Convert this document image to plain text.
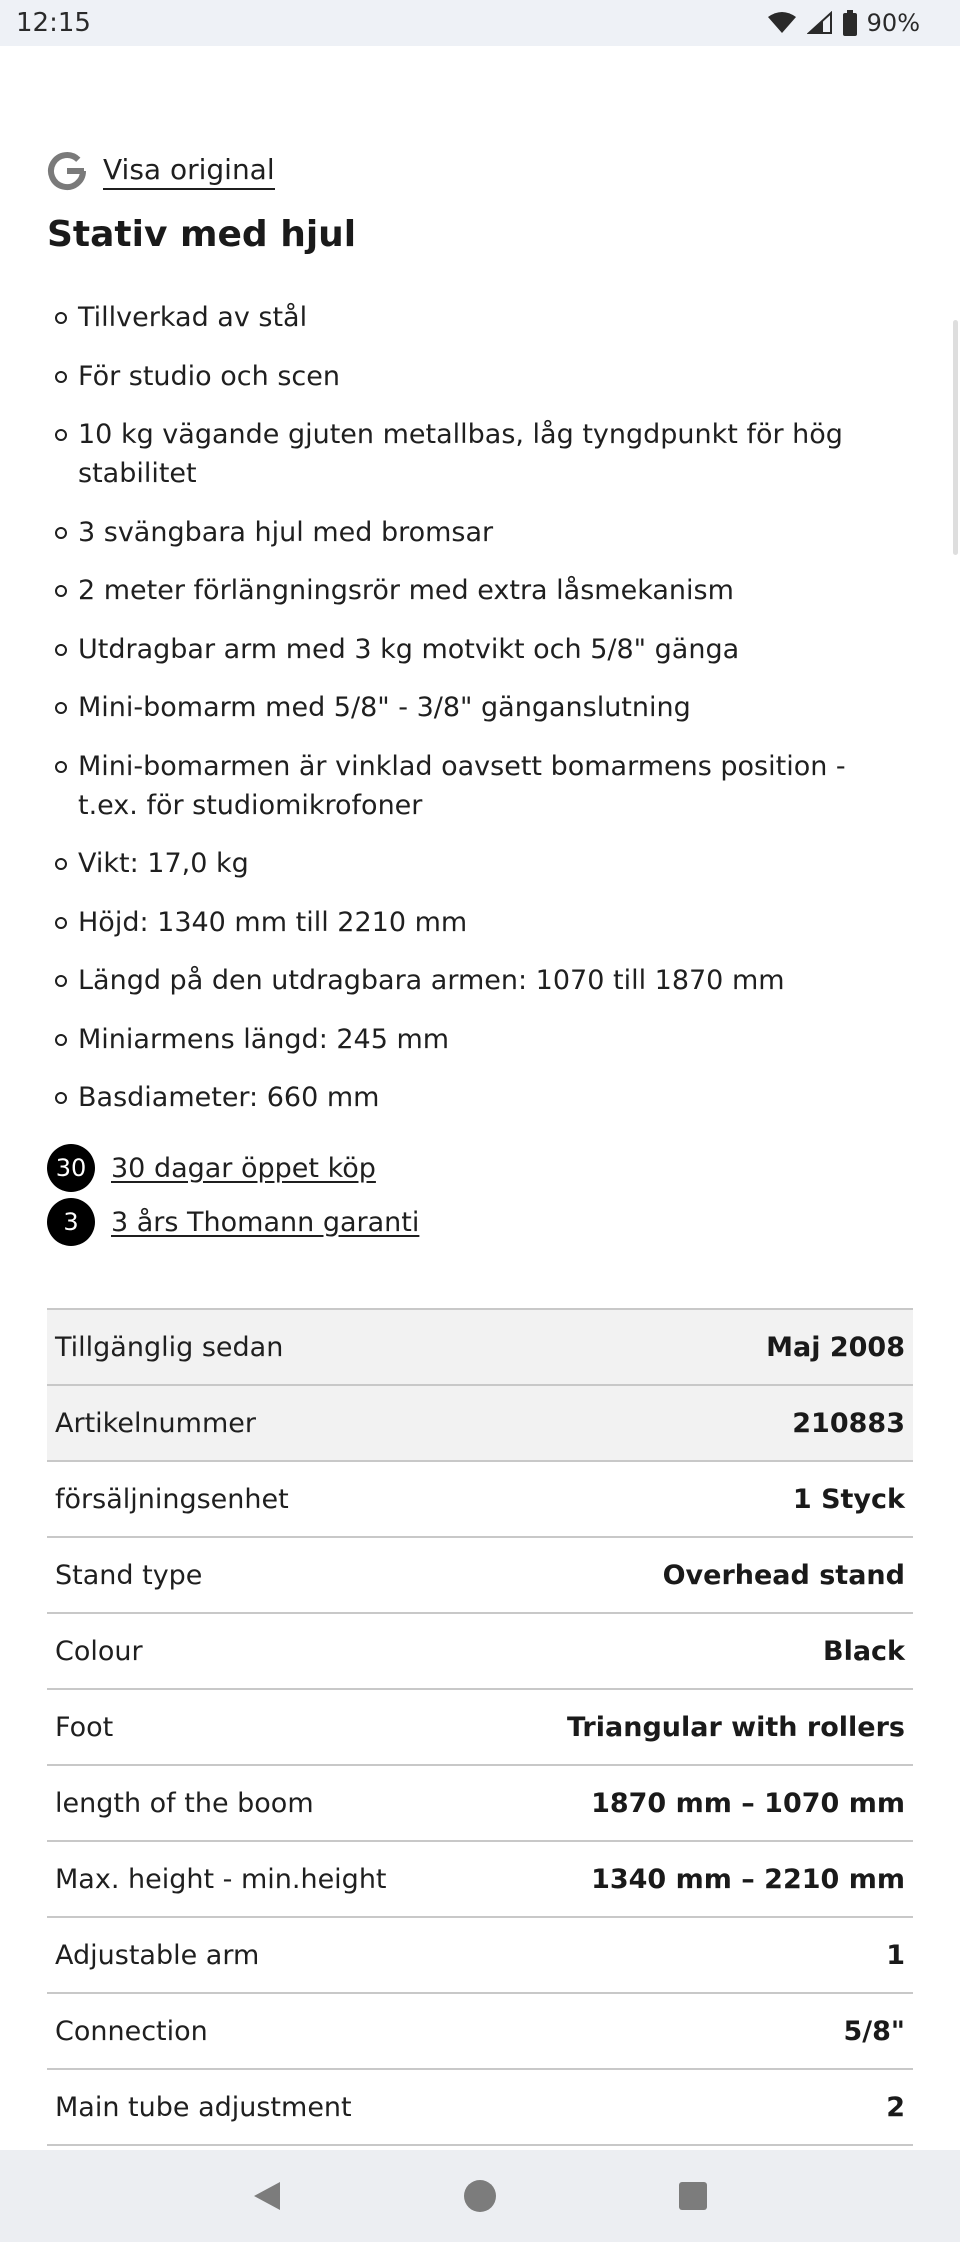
12:15	90%
Visa original
Stativ med hjul
Tillverkad av stål
För studio och scen
10 kg vägande gjuten metallbas, låg tyngdpunkt för hög stabilitet
3 svängbara hjul med bromsar
2 meter förlängningsrör med extra låsmekanism
Utdragbar arm med 3 kg motvikt och 5/8" gänga
Mini-bomarm med 5/8" - 3/8" gänganslutning
Mini-bomarmen är vinklad oavsett bomarmens position - t.ex. för studiomikrofoner
Vikt: 17,0 kg
Höjd: 1340 mm till 2210 mm
Längd på den utdragbara armen: 1070 till 1870 mm
Miniarmens längd: 245 mm
Basdiameter: 660 mm
30 30 dagar öppet köp
3	3 års Thomann garanti
Tillgänglig sedan	Maj 2008
Artikelnummer	210883
försäljningsenhet	1 Styck
Stand type	Overhead stand
Colour	Black
Foot	Triangular with rollers
length of the boom	1870 mm – 1070 mm
Max. height - min.height	1340 mm – 2210 mm
Adjustable arm	1
Connection	5/8"
Main tube adjustment	2
